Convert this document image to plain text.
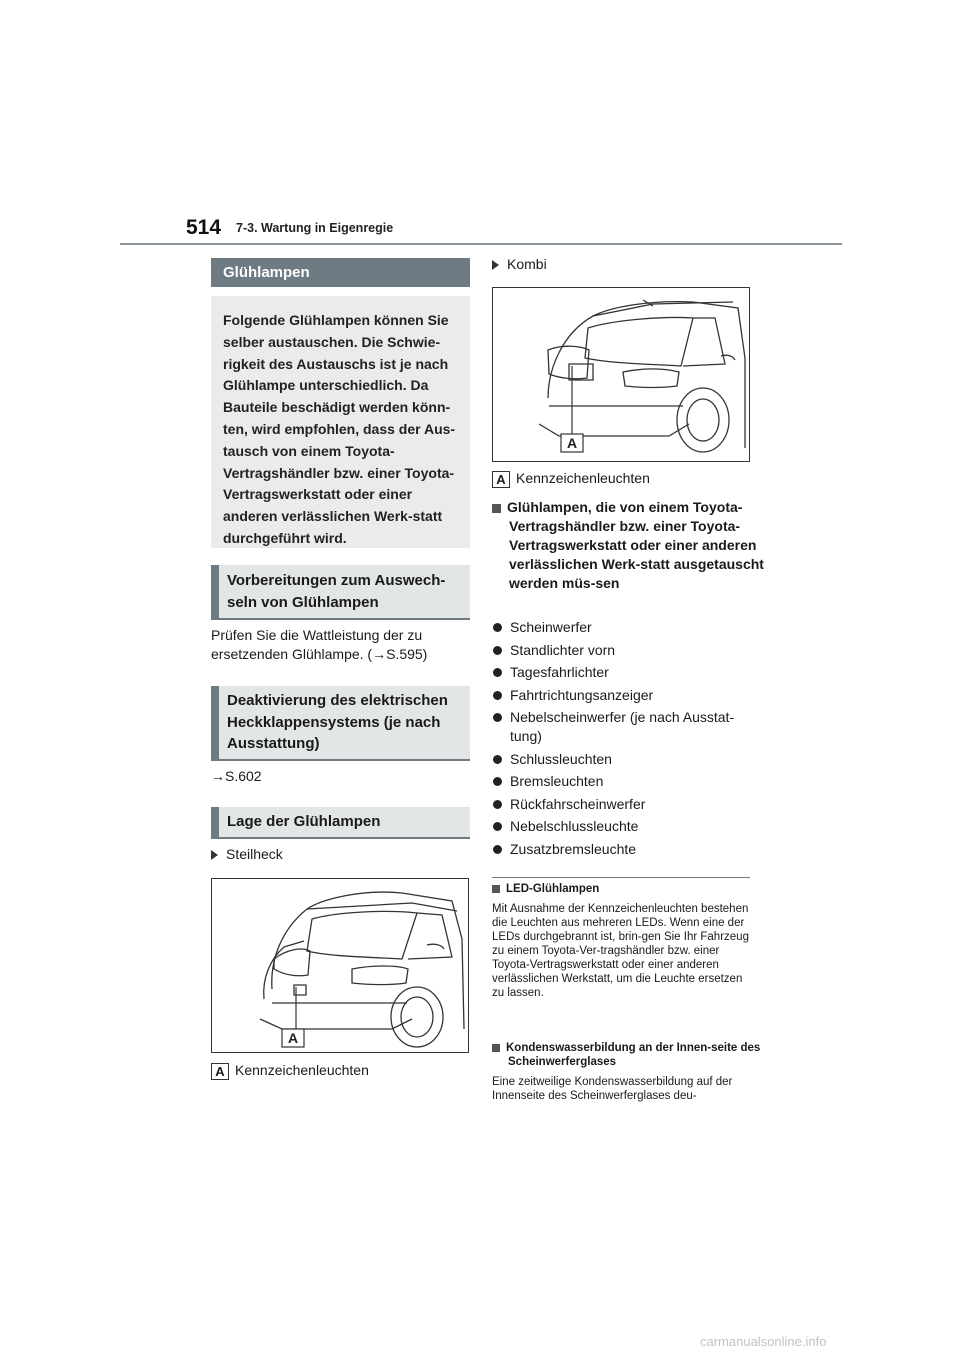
514 7-3. Wartung in Eigenregie
Glühlampen
Folgende Glühlampen können Sie selber austauschen. Die Schwie-rigkeit des Austauschs ist je nach Glühlampe unterschiedlich. Da Bauteile beschädigt werden könn-ten, wird empfohlen, dass der Aus-tausch von einem Toyota-Vertragshändler bzw. einer Toyota-Vertragswerkstatt oder einer anderen verlässlichen Werk-statt durchgeführt wird.
Vorbereitungen zum Auswech-seln von Glühlampen
Prüfen Sie die Wattleistung der zu ersetzenden Glühlampe. (→S.595)
Deaktivierung des elektrischen Heckklappensystems (je nach Ausstattung)
→S.602
Lage der Glühlampen
Steilheck
A
A Kennzeichenleuchten
Kombi
A
A Kennzeichenleuchten
Glühlampen, die von einem Toyota-Vertragshändler bzw. einer Toyota-Vertragswerkstatt oder einer anderen verlässlichen Werk-statt ausgetauscht werden müs-sen
Scheinwerfer
Standlichter vorn
Tagesfahrlichter
Fahrtrichtungsanzeiger
Nebelscheinwerfer (je nach Ausstat-tung)
Schlussleuchten
Bremsleuchten
Rückfahrscheinwerfer
Nebelschlussleuchte
Zusatzbremsleuchte
LED-Glühlampen
Mit Ausnahme der Kennzeichenleuchten bestehen die Leuchten aus mehreren LEDs. Wenn eine der LEDs durchgebrannt ist, brin-gen Sie Ihr Fahrzeug zu einem Toyota-Ver-tragshändler bzw. einer Toyota-Vertragswerkstatt oder einer anderen verlässlichen Werkstatt, um die Leuchte ersetzen zu lassen.
Kondenswasserbildung an der Innen-seite des Scheinwerferglases
Eine zeitweilige Kondenswasserbildung auf der Innenseite des Scheinwerferglases deu-
carmanualsonline.info
